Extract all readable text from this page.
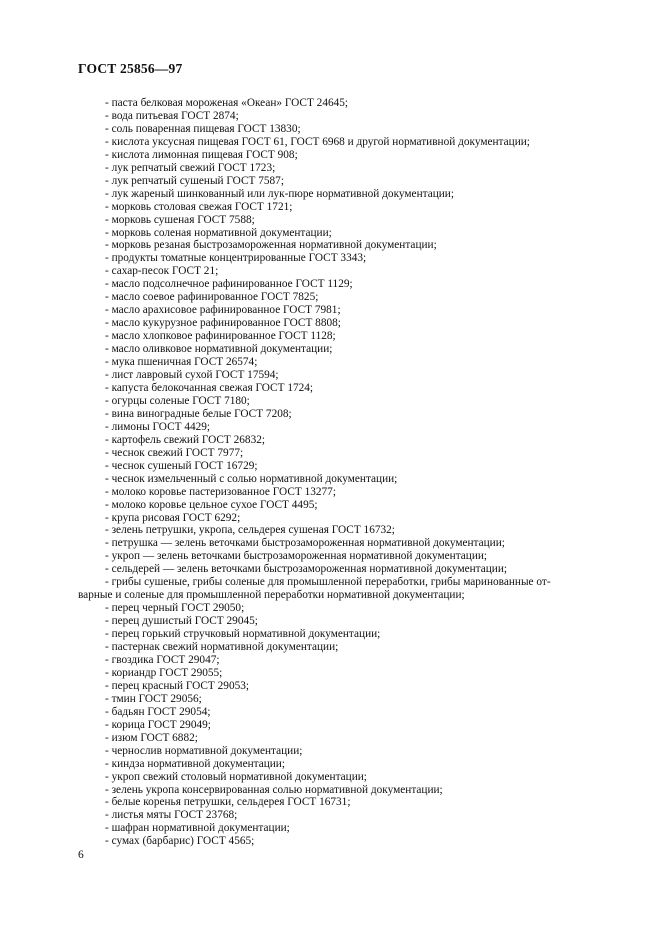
ГОСТ 25856—97
- паста белковая мороженая «Океан» ГОСТ 24645;
- вода питьевая ГОСТ 2874;
- соль поваренная пищевая ГОСТ 13830;
- кислота уксусная пищевая ГОСТ 61, ГОСТ 6968 и другой нормативной документации;
- кислота лимонная пищевая ГОСТ 908;
- лук репчатый свежий ГОСТ 1723;
- лук репчатый сушеный ГОСТ 7587;
- лук жареный шинкованный или лук-пюре нормативной документации;
- морковь столовая свежая ГОСТ 1721;
- морковь сушеная ГОСТ 7588;
- морковь соленая нормативной документации;
- морковь резаная быстрозамороженная нормативной документации;
- продукты томатные концентрированные ГОСТ 3343;
- сахар-песок ГОСТ 21;
- масло подсолнечное рафинированное ГОСТ 1129;
- масло соевое рафинированное ГОСТ 7825;
- масло арахисовое рафинированное ГОСТ 7981;
- масло кукурузное рафинированное ГОСТ 8808;
- масло хлопковое рафинированное ГОСТ 1128;
- масло оливковое нормативной документации;
- мука пшеничная ГОСТ 26574;
- лист лавровый сухой ГОСТ 17594;
- капуста белокочанная свежая ГОСТ 1724;
- огурцы соленые ГОСТ 7180;
- вина виноградные белые ГОСТ 7208;
- лимоны ГОСТ 4429;
- картофель свежий ГОСТ 26832;
- чеснок свежий ГОСТ 7977;
- чеснок сушеный ГОСТ 16729;
- чеснок измельченный с солью нормативной документации;
- молоко коровье пастеризованное ГОСТ 13277;
- молоко коровье цельное сухое ГОСТ 4495;
- крупа рисовая ГОСТ 6292;
- зелень петрушки, укропа, сельдерея сушеная ГОСТ 16732;
- петрушка — зелень веточками быстрозамороженная нормативной документации;
- укроп — зелень веточками быстрозамороженная нормативной документации;
- сельдерей — зелень веточками быстрозамороженная нормативной документации;
- грибы сушеные, грибы соленые для промышленной переработки, грибы маринованные от-
варные и соленые для промышленной переработки нормативной документации;
- перец черный ГОСТ 29050;
- перец душистый ГОСТ 29045;
- перец горький стручковый нормативной документации;
- пастернак свежий нормативной документации;
- гвоздика ГОСТ 29047;
- кориандр ГОСТ 29055;
- перец красный ГОСТ 29053;
- тмин ГОСТ 29056;
- бадьян ГОСТ 29054;
- корица ГОСТ 29049;
- изюм ГОСТ 6882;
- чернослив нормативной документации;
- киндза нормативной документации;
- укроп свежий столовый нормативной документации;
- зелень укропа консервированная солью нормативной документации;
- белые коренья петрушки, сельдерея ГОСТ 16731;
- листья мяты ГОСТ 23768;
- шафран нормативной документации;
- сумах (барбарис) ГОСТ 4565;
6
